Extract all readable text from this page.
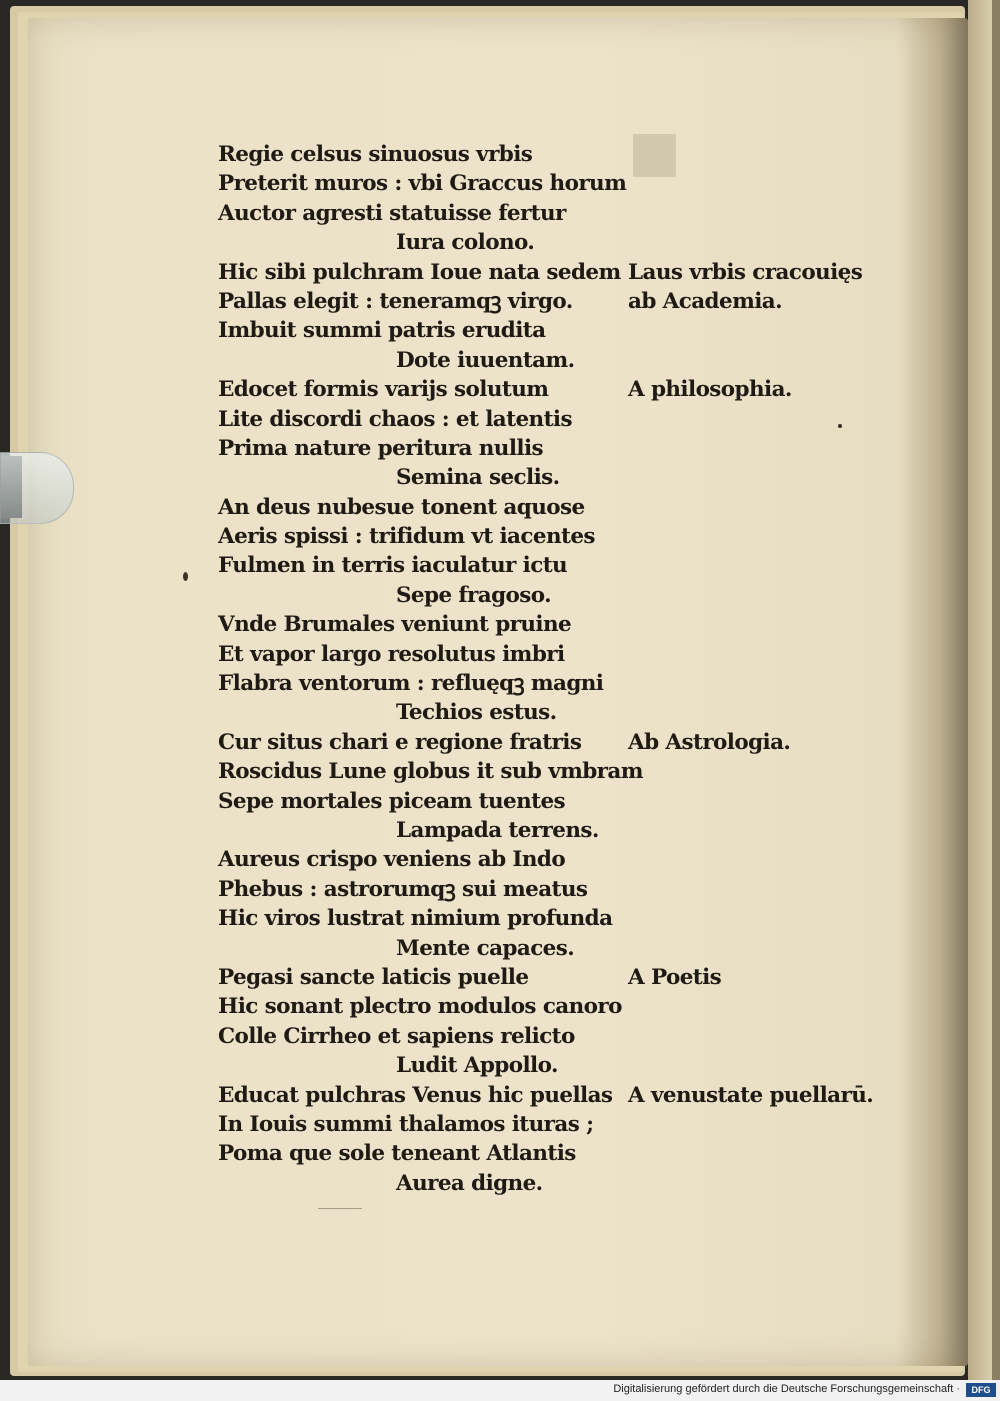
■
Regie celsus sinuosus vrbis
Preterit muros : vbi Graccus horum
Auctor agresti statuisse fertur
Iura colono.
Hic sibi pulchram Ioue nata sedem
Pallas elegit : teneramqꝫ virgo.
Imbuit summi patris erudita
Dote iuuentam.
Edocet formis varijs solutum
Lite discordi chaos : et latentis
Prima nature peritura nullis
Semina seclis.
An deus nubesue tonent aquose
Aeris spissi : trifidum vt iacentes
Fulmen in terris iaculatur ictu
Sepe fragoso.
Vnde Brumales veniunt pruine
Et vapor largo resolutus imbri
Flabra ventorum : refluęqꝫ magni
Techios estus.
Cur situs chari e regione fratris
Roscidus Lune globus it sub vmbram
Sepe mortales piceam tuentes
Lampada terrens.
Aureus crispo veniens ab Indo
Phebus : astrorumqꝫ sui meatus
Hic viros lustrat nimium profunda
Mente capaces.
Pegasi sancte laticis puelle
Hic sonant plectro modulos canoro
Colle Cirrheo et sapiens relicto
Ludit Appollo.
Educat pulchras Venus hic puellas
In Iouis summi thalamos ituras ;
Poma que sole teneant Atlantis
Aurea digne.
Laus vrbis cracouięs
ab Academia.
A philosophia.
Ab Astrologia.
A Poetis
A venustate puellarū.
Digitalisierung gefördert durch die Deutsche Forschungsgemeinschaft ·	DFG
